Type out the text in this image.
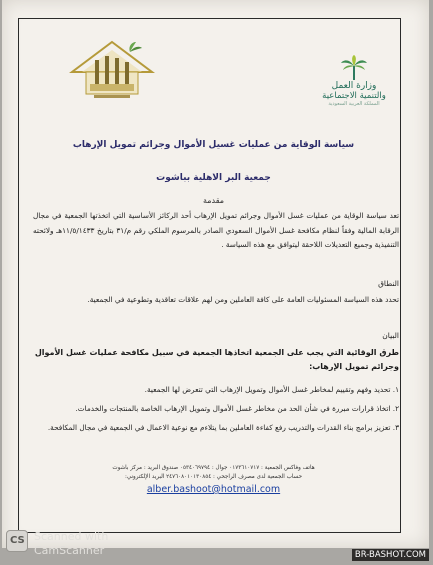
وزارة العمل
والتنمية الاجتماعية
المملكة العربية السعودية
سياسة الوقاية من عمليات غسيل الأموال وجرائم تمويل الإرهاب
جمعية البر الاهلية بباشوت
مقدمة
تعد سياسة الوقاية من عمليات غسل الأموال وجرائم تمويل الإرهاب أحد الركائز الأساسية التي اتخذتها الجمعية في مجال الرقابة المالية وفقاً لنظام مكافحة غسل الأموال السعودي الصادر بالمرسوم الملكي رقم م/٣١ بتاريخ ١١/٥/١٤٣٣هـ ولائحته التنفيذية وجميع التعديلات اللاحقة ليتوافق مع هذه السياسة .
النطاق
تحدد هذه السياسة المسئوليات العامة على كافة العاملين ومن لهم علاقات تعاقدية وتطوعية في الجمعية.
البيان
طرق الوقائية التي يجب على الجمعية اتخاذها الجمعية في سبيل مكافحة عمليات غسل الأموال وجرائم تمويل الإرهاب:
١. تحديد وفهم وتقييم لمخاطر غسل الأموال وتمويل الإرهاب التي تتعرض لها الجمعية.
٢. اتخاذ قرارات مبررة في شأن الحد من مخاطر غسل الأموال وتمويل الإرهاب الخاصة بالمنتجات والخدمات.
٣. تعزيز برامج بناء القدرات والتدريب رفع كفاءة العاملين بما يتلاءم مع نوعية الاعمال في الجمعية في مجال المكافحة.
هاتف وفاكس الجمعية : ٠١٧٣٦١٠٧١٧ جوال : ٠٥٣٤٠٦٩٧٩٤ صندوق البريد : مركز باشوت
حساب الجمعية لدى مصرف الراجحي : ٢٤٧٦٠٨٠١٠١٣٠٨٥٤ البريد الإلكتروني:
alber.bashoot@hotmail.com
CS Scanned with
CamScanner	BR-BASHOT.COM
